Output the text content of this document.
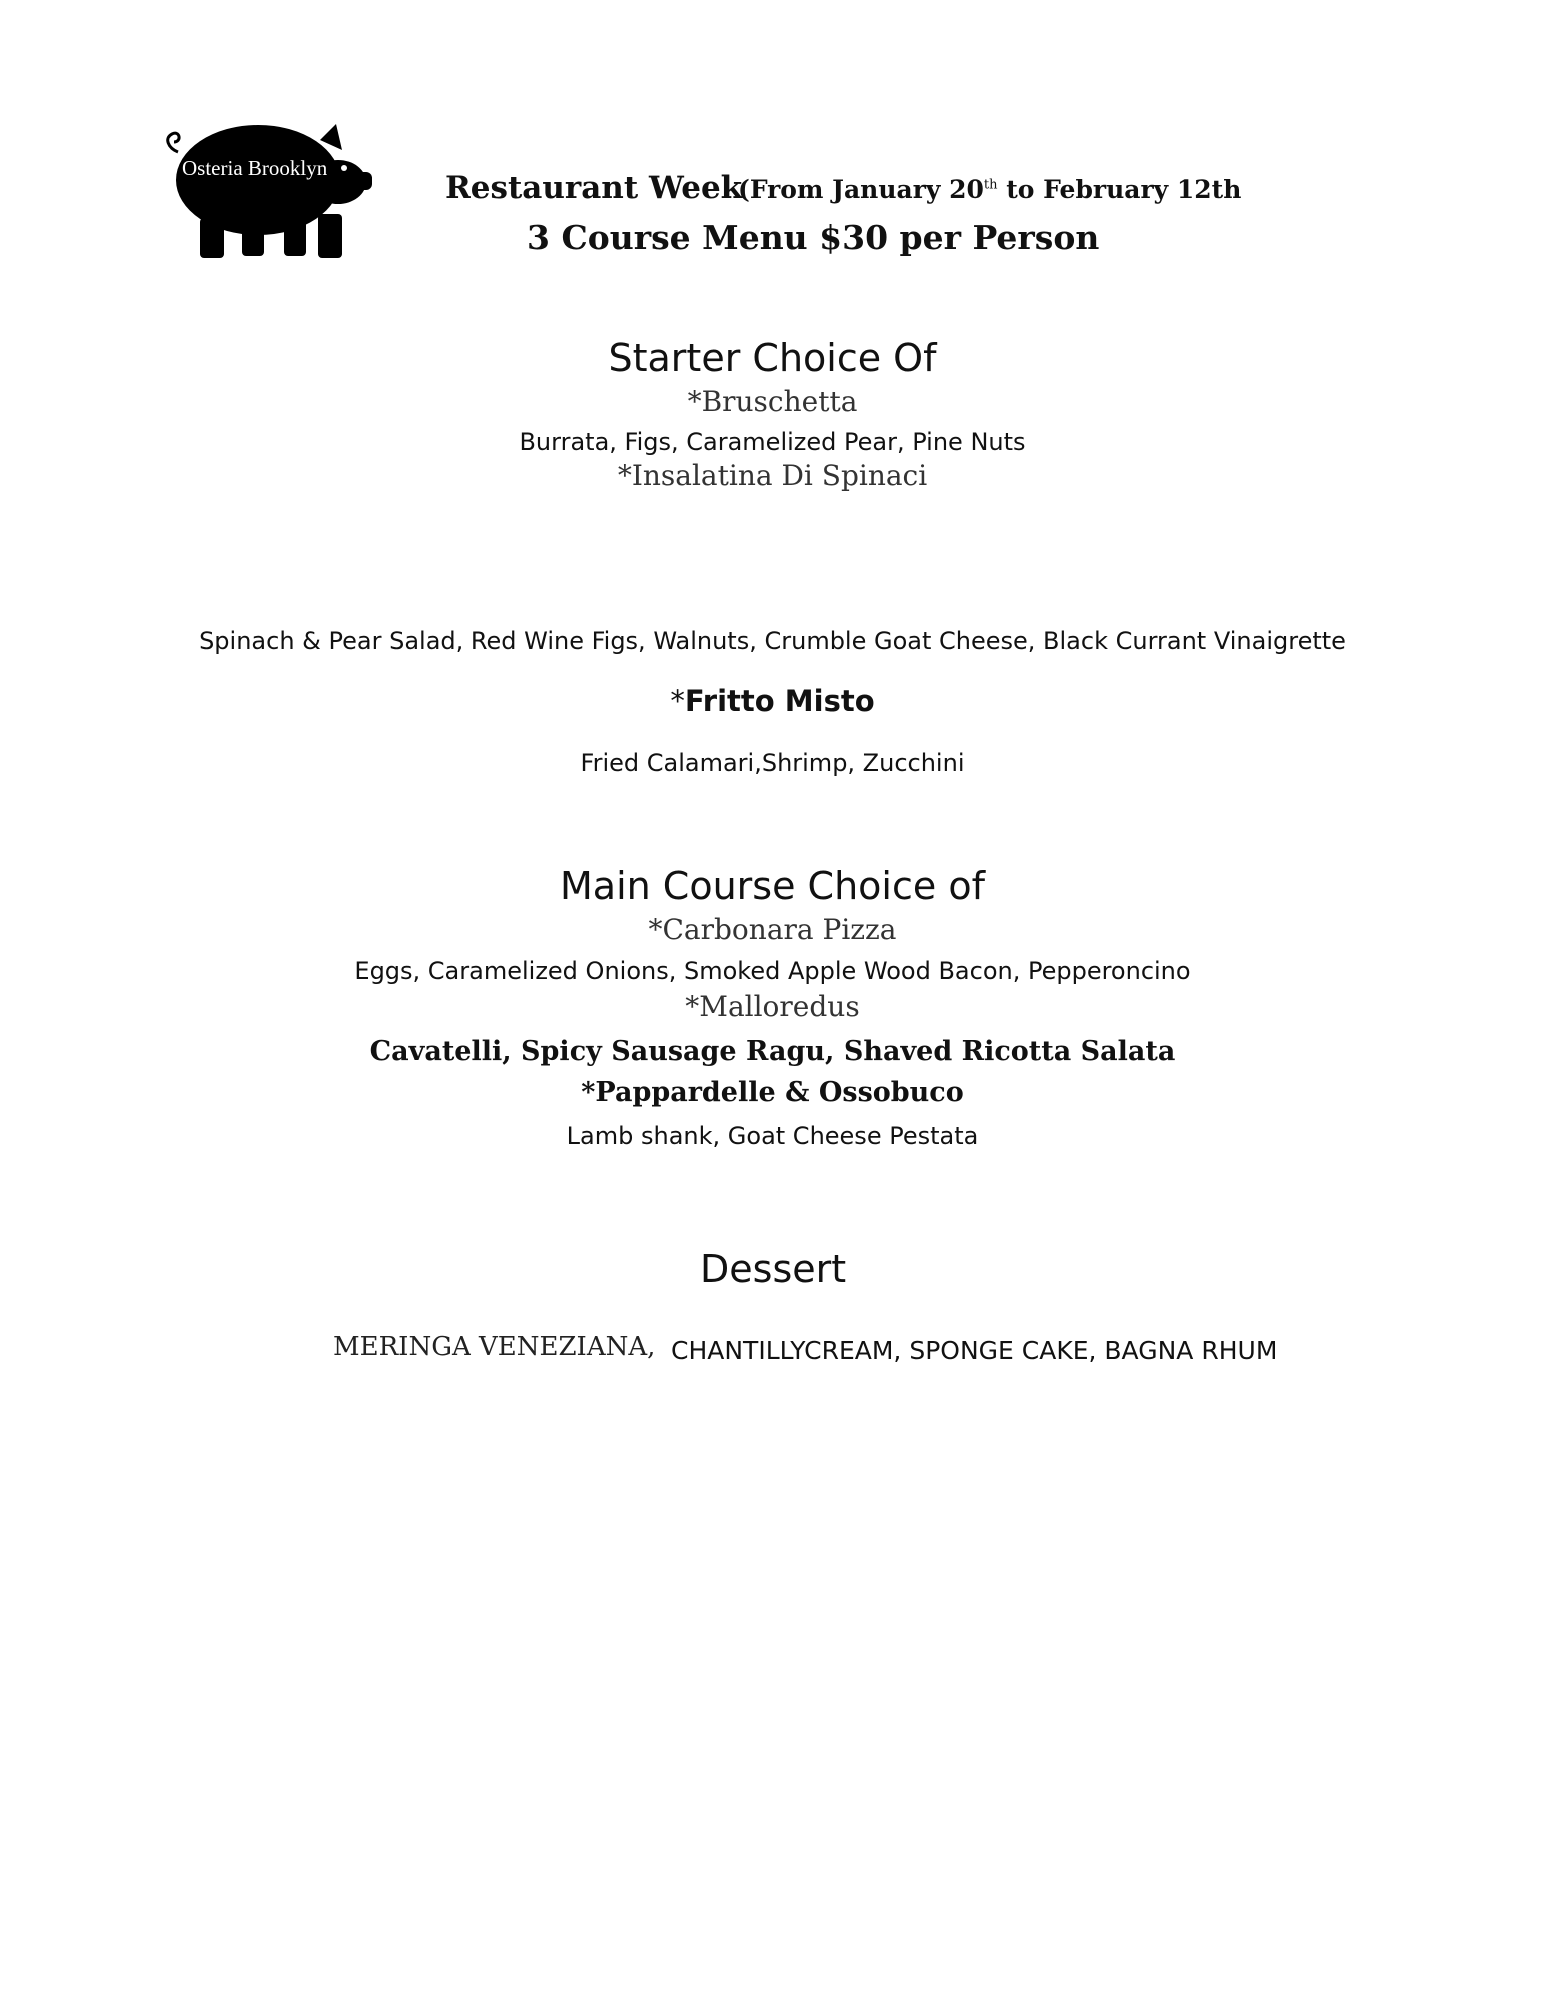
Osteria Brooklyn
Restaurant Week
(From January 20th to February 12th
3 Course Menu $30 per Person
Starter Choice Of
*Bruschetta
Burrata, Figs, Caramelized Pear, Pine Nuts
*Insalatina Di Spinaci
Spinach & Pear Salad, Red Wine Figs, Walnuts, Crumble Goat Cheese, Black Currant Vinaigrette
*Fritto Misto
Fried Calamari,Shrimp, Zucchini
Main Course Choice of
*Carbonara Pizza
Eggs, Caramelized Onions, Smoked Apple Wood Bacon, Pepperoncino
*Malloredus
Cavatelli, Spicy Sausage Ragu, Shaved Ricotta Salata
*Pappardelle & Ossobuco
Lamb shank, Goat Cheese Pestata
Dessert
MERINGA VENEZIANA, CHANTILLYCREAM, SPONGE CAKE, BAGNA RHUM
